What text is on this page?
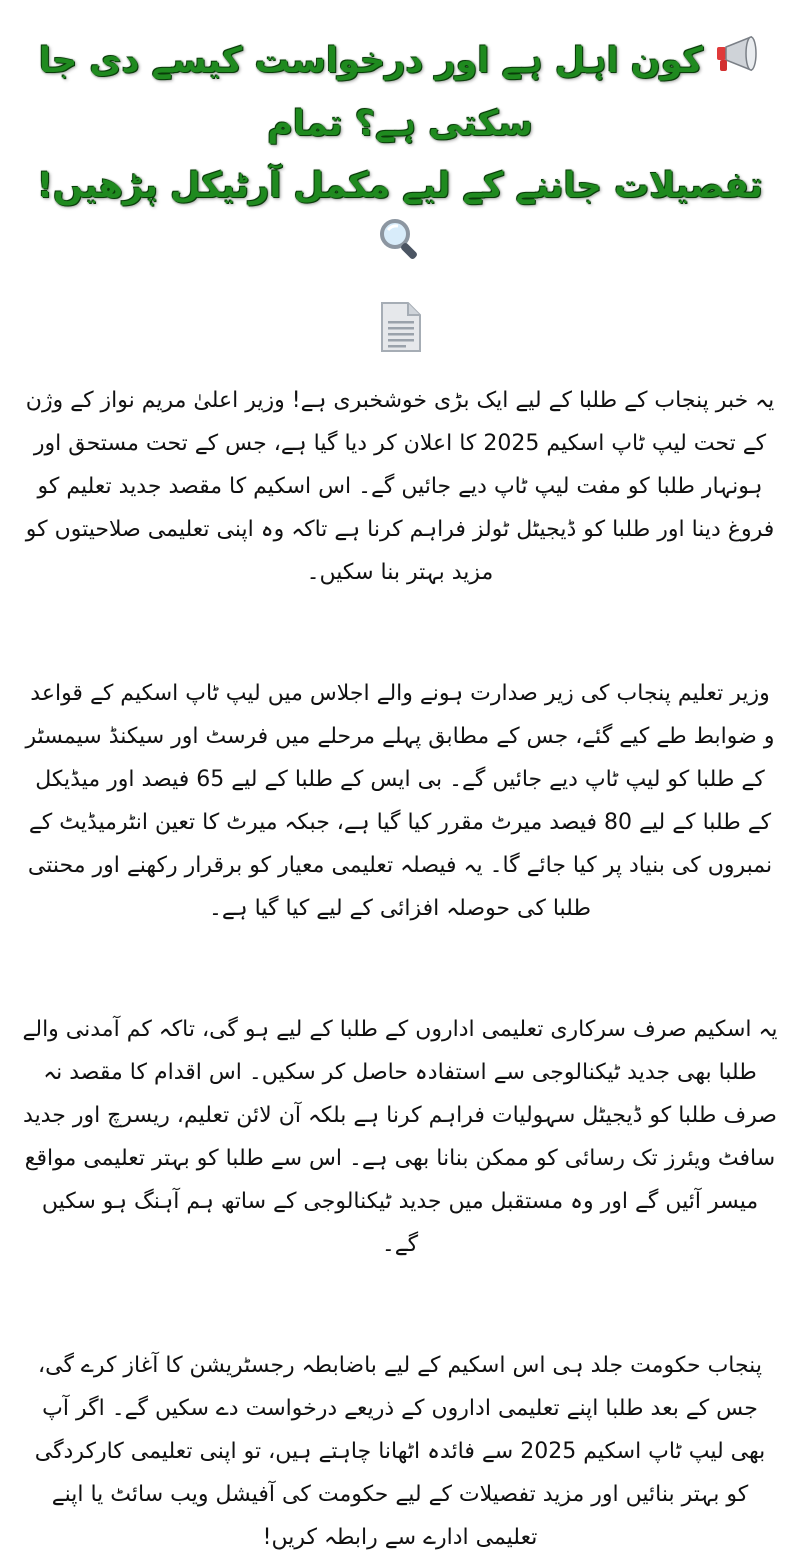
کون اہل ہے اور درخواست کیسے دی جا سکتی ہے؟ تمام
تفصیلات جاننے کے لیے مکمل آرٹیکل پڑھیں!

یہ خبر پنجاب کے طلبا کے لیے ایک بڑی خوشخبری ہے! وزیر اعلیٰ مریم نواز کے وژن کے تحت لیپ ٹاپ اسکیم 2025 کا اعلان کر دیا گیا ہے، جس کے تحت مستحق اور ہونہار طلبا کو مفت لیپ ٹاپ دیے جائیں گے۔ اس اسکیم کا مقصد جدید تعلیم کو فروغ دینا اور طلبا کو ڈیجیٹل ٹولز فراہم کرنا ہے تاکہ وہ اپنی تعلیمی صلاحیتوں کو مزید بہتر بنا سکیں۔

وزیر تعلیم پنجاب کی زیر صدارت ہونے والے اجلاس میں لیپ ٹاپ اسکیم کے قواعد و ضوابط طے کیے گئے، جس کے مطابق پہلے مرحلے میں فرسٹ اور سیکنڈ سیمسٹر کے طلبا کو لیپ ٹاپ دیے جائیں گے۔ بی ایس کے طلبا کے لیے 65 فیصد اور میڈیکل کے طلبا کے لیے 80 فیصد میرٹ مقرر کیا گیا ہے، جبکہ میرٹ کا تعین انٹرمیڈیٹ کے نمبروں کی بنیاد پر کیا جائے گا۔ یہ فیصلہ تعلیمی معیار کو برقرار رکھنے اور محنتی طلبا کی حوصلہ افزائی کے لیے کیا گیا ہے۔

یہ اسکیم صرف سرکاری تعلیمی اداروں کے طلبا کے لیے ہو گی، تاکہ کم آمدنی والے طلبا بھی جدید ٹیکنالوجی سے استفادہ حاصل کر سکیں۔ اس اقدام کا مقصد نہ صرف طلبا کو ڈیجیٹل سہولیات فراہم کرنا ہے بلکہ آن لائن تعلیم، ریسرچ اور جدید سافٹ ویئرز تک رسائی کو ممکن بنانا بھی ہے۔ اس سے طلبا کو بہتر تعلیمی مواقع میسر آئیں گے اور وہ مستقبل میں جدید ٹیکنالوجی کے ساتھ ہم آہنگ ہو سکیں گے۔

پنجاب حکومت جلد ہی اس اسکیم کے لیے باضابطہ رجسٹریشن کا آغاز کرے گی، جس کے بعد طلبا اپنے تعلیمی اداروں کے ذریعے درخواست دے سکیں گے۔ اگر آپ بھی لیپ ٹاپ اسکیم 2025 سے فائدہ اٹھانا چاہتے ہیں، تو اپنی تعلیمی کارکردگی کو بہتر بنائیں اور مزید تفصیلات کے لیے حکومت کی آفیشل ویب سائٹ یا اپنے تعلیمی ادارے سے رابطہ کریں!
